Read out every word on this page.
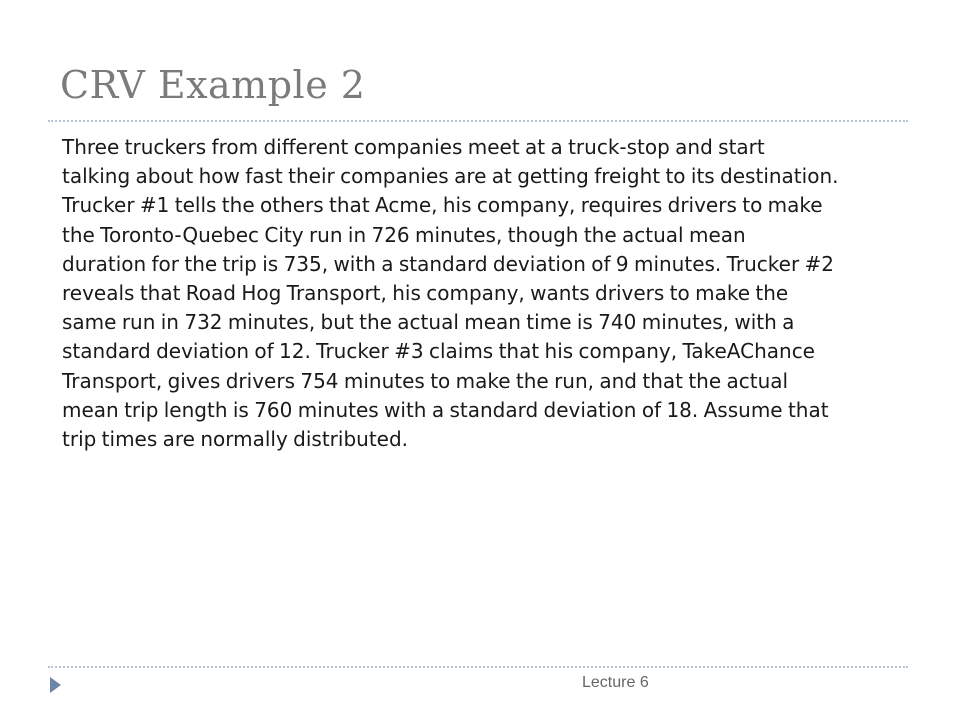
CRV Example 2

Three truckers from different companies meet at a truck-stop and start
talking about how fast their companies are at getting freight to its destination.
Trucker #1 tells the others that Acme, his company, requires drivers to make
the Toronto-Quebec City run in 726 minutes, though the actual mean
duration for the trip is 735, with a standard deviation of 9 minutes. Trucker #2
reveals that Road Hog Transport, his company, wants drivers to make the
same run in 732 minutes, but the actual mean time is 740 minutes, with a
standard deviation of 12. Trucker #3 claims that his company, TakeAChance
Transport, gives drivers 754 minutes to make the run, and that the actual
mean trip length is 760 minutes with a standard deviation of 18. Assume that
trip times are normally distributed.

Lecture 6
